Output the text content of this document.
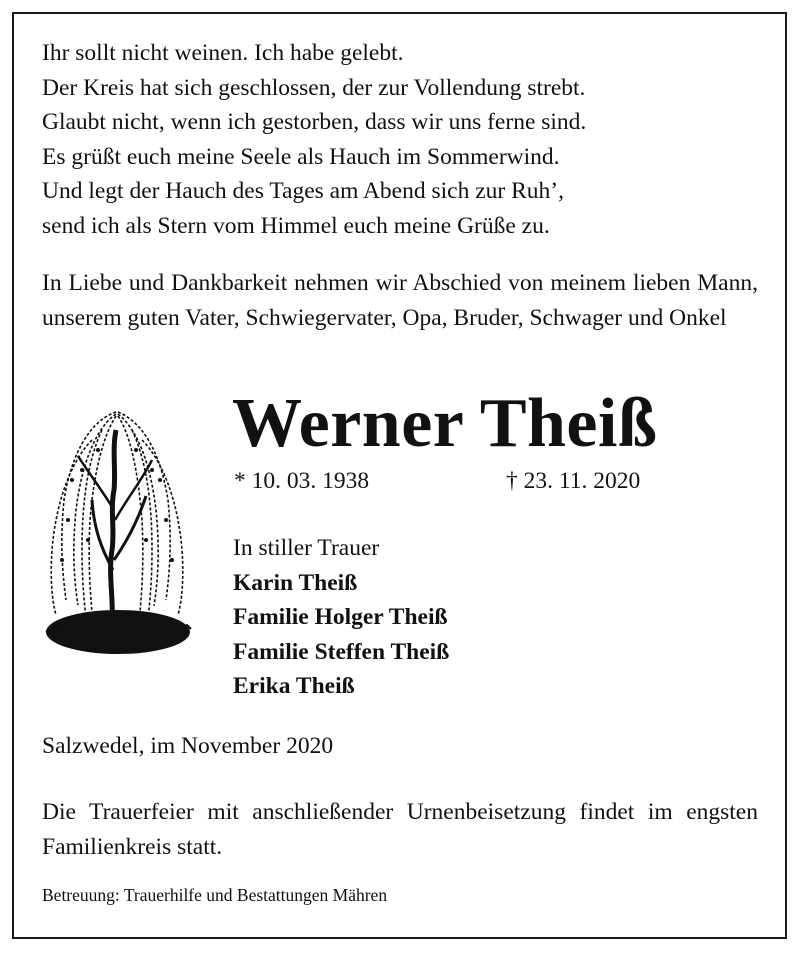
Ihr sollt nicht weinen. Ich habe gelebt.
Der Kreis hat sich geschlossen, der zur Vollendung strebt.
Glaubt nicht, wenn ich gestorben, dass wir uns ferne sind.
Es grüßt euch meine Seele als Hauch im Sommerwind.
Und legt der Hauch des Tages am Abend sich zur Ruh’,
send ich als Stern vom Himmel euch meine Grüße zu.
In Liebe und Dankbarkeit nehmen wir Abschied von meinem lieben Mann, unserem guten Vater, Schwiegervater, Opa, Bruder, Schwager und Onkel
Werner Theiß
* 10. 03. 1938	† 23. 11. 2020
In stiller Trauer
Karin Theiß
Familie Holger Theiß
Familie Steffen Theiß
Erika Theiß
Salzwedel, im November 2020
Die Trauerfeier mit anschließender Urnenbeisetzung findet im engsten Familienkreis statt.
Betreuung: Trauerhilfe und Bestattungen Mähren
